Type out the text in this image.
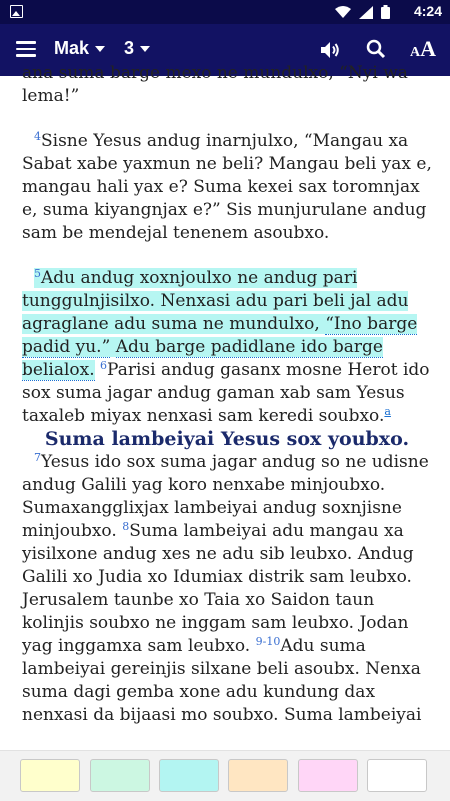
4:24
Mak 3	AA

ana suma barge mexo ne mundulxo, “Nyi wa lema!”

$^4$Sisne Yesus andug inarnjulxo, “Mangau xa Sabat xabe yaxmun ne beli? Mangau beli yax e, mangau hali yax e? Suma kexei sax toromnjax e, suma kiyangnjax e?” Sis munjurulane andug sam be mendejal tenenem asoubxo.

$^5$Adu andug xoxnjoulxo ne andug pari tunggulnjisilxo. Nenxasi adu pari beli jal adu agraglane adu suma ne mundulxo, “Ino barge padid yu.” Adu barge padidlane ido barge belialox. $^6$Parisi andug gasanx mosne Herot ido sox suma jagar andug gaman xab sam Yesus taxaleb miyax nenxasi sam keredi soubxo.$^a$

Suma lambeiyai Yesus sox youbxo.

$^7$Yesus ido sox suma jagar andug so ne udisne andug Galili yag koro nenxabe minjoubxo. Sumaxangglixjax lambeiyai andug soxnjisne minjoubxo. $^8$Suma lambeiyai adu mangau xa yisilxone andug xes ne adu sib leubxo. Andug Galili xo Judia xo Idumiax distrik sam leubxo. Jerusalem taunbe xo Taia xo Saidon taun kolinjis soubxo ne inggam sam leubxo. Jodan yag inggamxa sam leubxo. $^{9-10}$Adu suma lambeiyai gereinjis silxane beli asoubx. Nenxa suma dagi gemba xone adu kundung dax nenxasi da bijaasi mo soubxo. Suma lambeiyai
